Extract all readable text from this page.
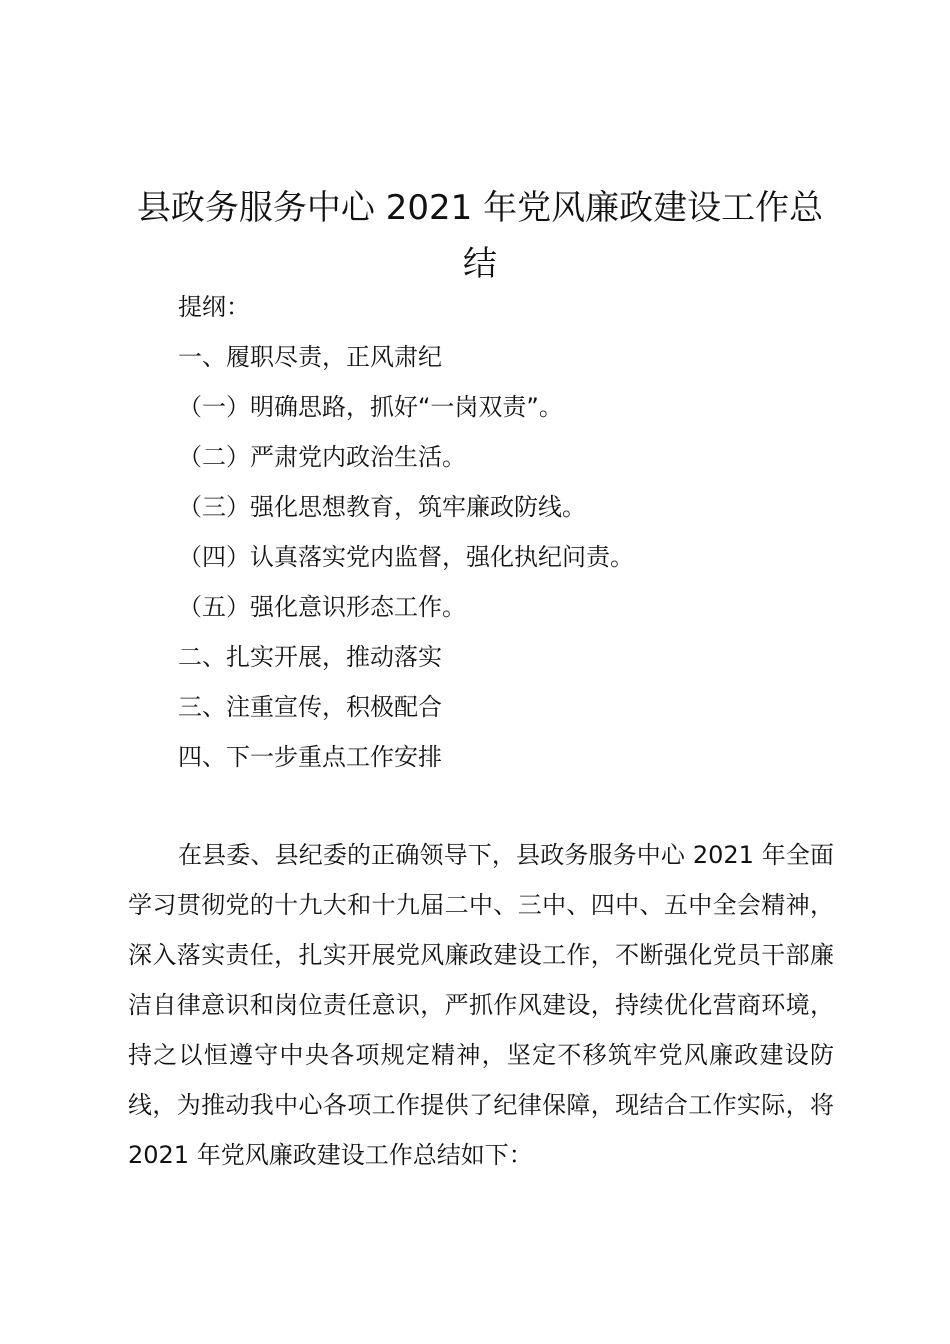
县政务服务中心 2021 年党风廉政建设工作总
结
提纲：
一、履职尽责，正风肃纪
（一）明确思路，抓好“一岗双责”。
（二）严肃党内政治生活。
（三）强化思想教育，筑牢廉政防线。
（四）认真落实党内监督，强化执纪问责。
（五）强化意识形态工作。
二、扎实开展，推动落实
三、注重宣传，积极配合
四、下一步重点工作安排

在县委、县纪委的正确领导下，县政务服务中心 2021 年全面学习贯彻党的十九大和十九届二中、三中、四中、五中全会精神，深入落实责任，扎实开展党风廉政建设工作，不断强化党员干部廉洁自律意识和岗位责任意识，严抓作风建设，持续优化营商环境，持之以恒遵守中央各项规定精神，坚定不移筑牢党风廉政建设防线，为推动我中心各项工作提供了纪律保障，现结合工作实际，将 2021 年党风廉政建设工作总结如下：
